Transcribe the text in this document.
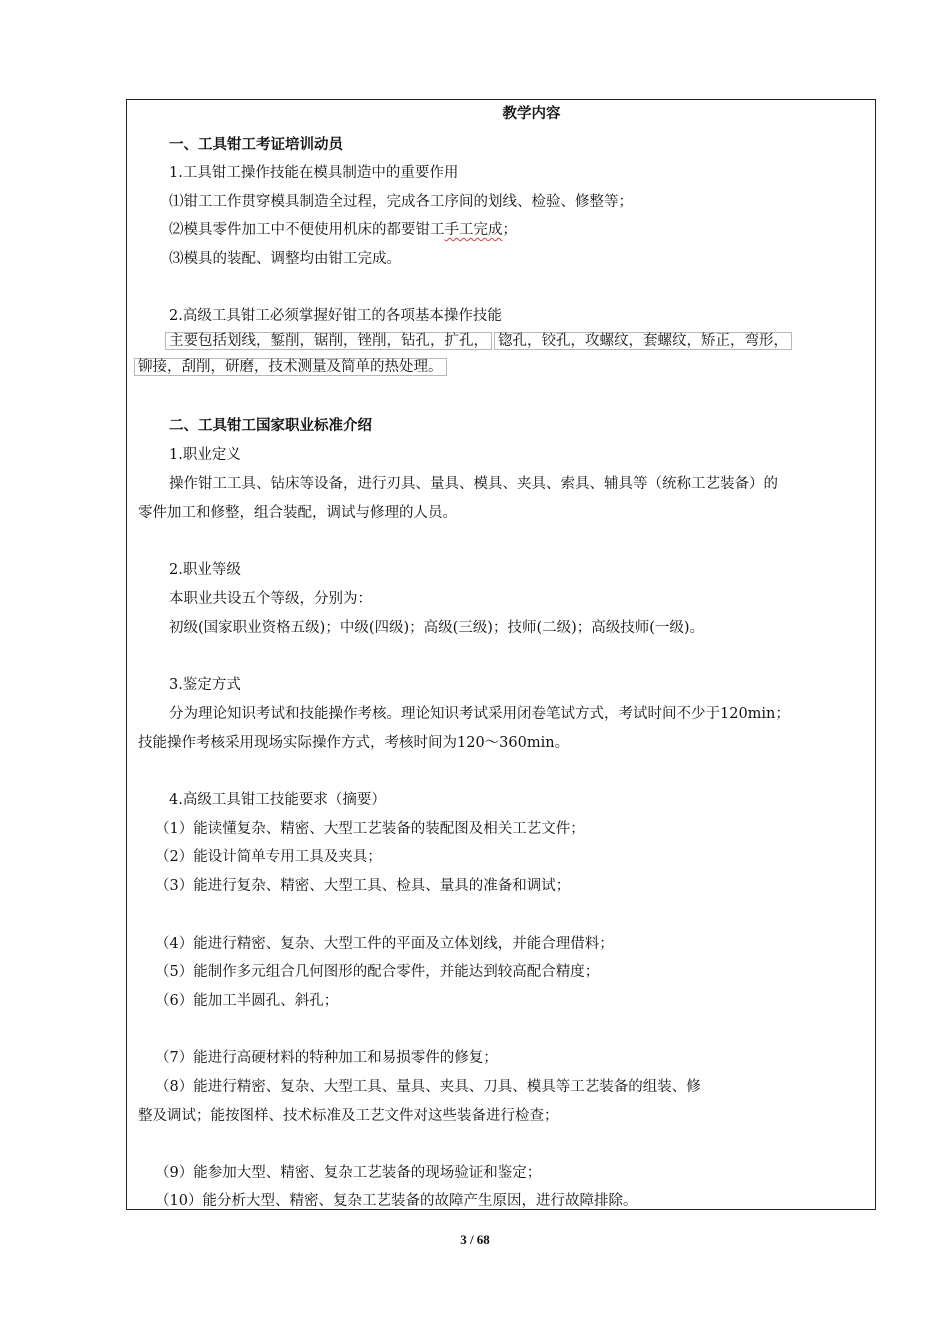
教学内容
一、工具钳工考证培训动员
1.工具钳工操作技能在模具制造中的重要作用
⑴钳工工作贯穿模具制造全过程，完成各工序间的划线、检验、修整等；
⑵模具零件加工中不便使用机床的都要钳工手工完成；
⑶模具的装配、调整均由钳工完成。
2.高级工具钳工必须掌握好钳工的各项基本操作技能
主要包括划线，錾削，锯削，锉削，钻孔，扩孔， 锪孔，铰孔，攻螺纹，套螺纹，矫正，弯形，
铆接，刮削，研磨，技术测量及简单的热处理。
二、工具钳工国家职业标准介绍
1.职业定义
操作钳工工具、钻床等设备，进行刃具、量具、模具、夹具、索具、辅具等（统称工艺装备）的
零件加工和修整，组合装配，调试与修理的人员。
2.职业等级
本职业共设五个等级，分别为：
初级(国家职业资格五级)；中级(四级)；高级(三级)；技师(二级)；高级技师(一级)。
3.鉴定方式
分为理论知识考试和技能操作考核。理论知识考试采用闭卷笔试方式，考试时间不少于120min；
技能操作考核采用现场实际操作方式，考核时间为120～360min。
4.高级工具钳工技能要求（摘要）
（1）能读懂复杂、精密、大型工艺装备的装配图及相关工艺文件；
（2）能设计简单专用工具及夹具；
（3）能进行复杂、精密、大型工具、检具、量具的准备和调试；
（4）能进行精密、复杂、大型工件的平面及立体划线，并能合理借料；
（5）能制作多元组合几何图形的配合零件，并能达到较高配合精度；
（6）能加工半圆孔、斜孔；
（7）能进行高硬材料的特种加工和易损零件的修复；
（8）能进行精密、复杂、大型工具、量具、夹具、刀具、模具等工艺装备的组装、修
整及调试；能按图样、技术标准及工艺文件对这些装备进行检查；
（9）能参加大型、精密、复杂工艺装备的现场验证和鉴定；
（10）能分析大型、精密、复杂工艺装备的故障产生原因，进行故障排除。
3 / 68
